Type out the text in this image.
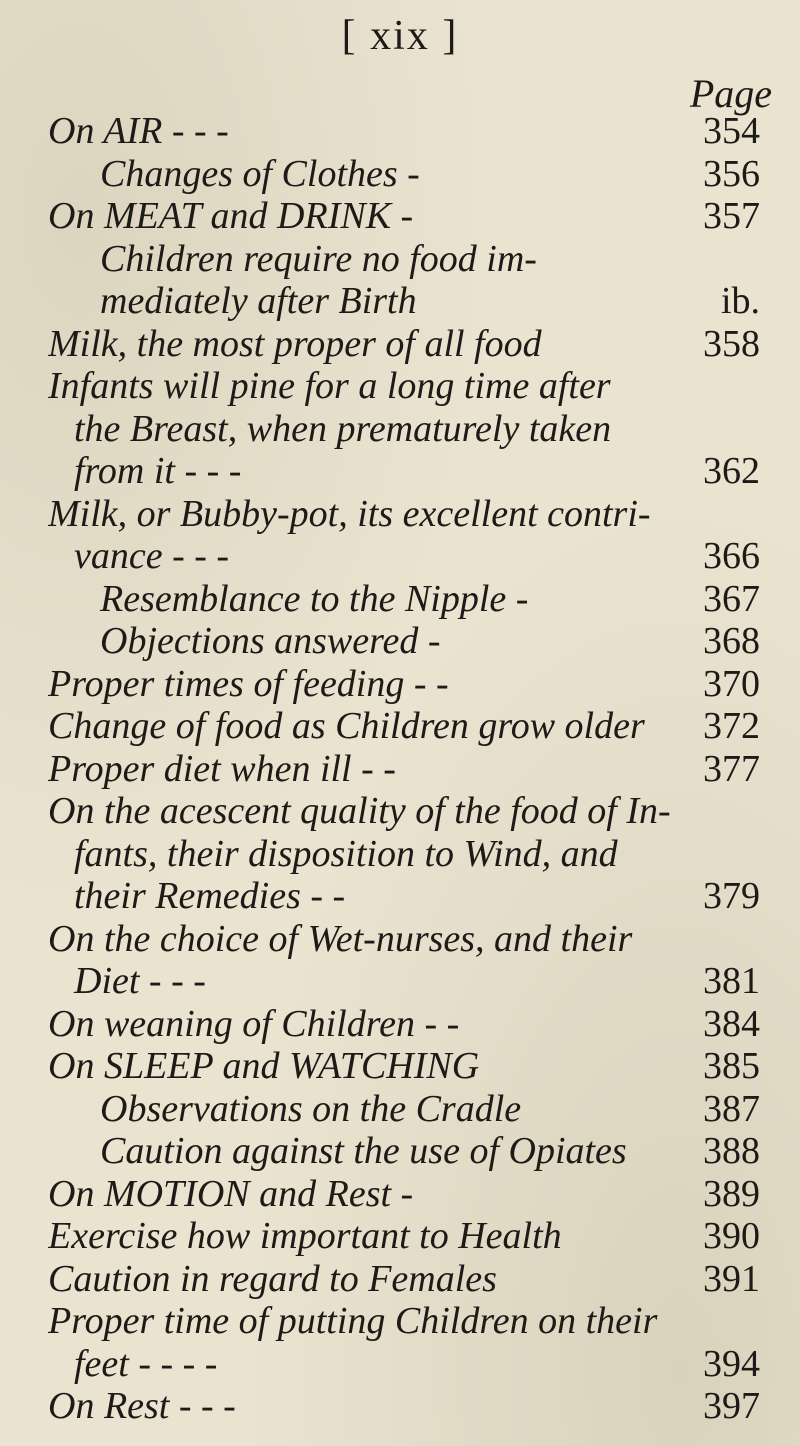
[ xix ]
Page
On AIR - - -	354
Changes of Clothes -	356
On MEAT and DRINK -	357
Children require no food im-
mediately after Birth	ib.
Milk, the most proper of all food	358
Infants will pine for a long time after
the Breast, when prematurely taken
from it - - -	362
Milk, or Bubby-pot, its excellent contri-
vance - - -	366
Resemblance to the Nipple -	367
Objections answered -	368
Proper times of feeding - -	370
Change of food as Children grow older	372
Proper diet when ill - -	377
On the acescent quality of the food of In-
fants, their disposition to Wind, and
their Remedies - -	379
On the choice of Wet-nurses, and their
Diet - - -	381
On weaning of Children - -	384
On SLEEP and WATCHING	385
Observations on the Cradle	387
Caution against the use of Opiates	388
On MOTION and Rest -	389
Exercise how important to Health	390
Caution in regard to Females	391
Proper time of putting Children on their
feet - - - -	394
On Rest - - -	397
